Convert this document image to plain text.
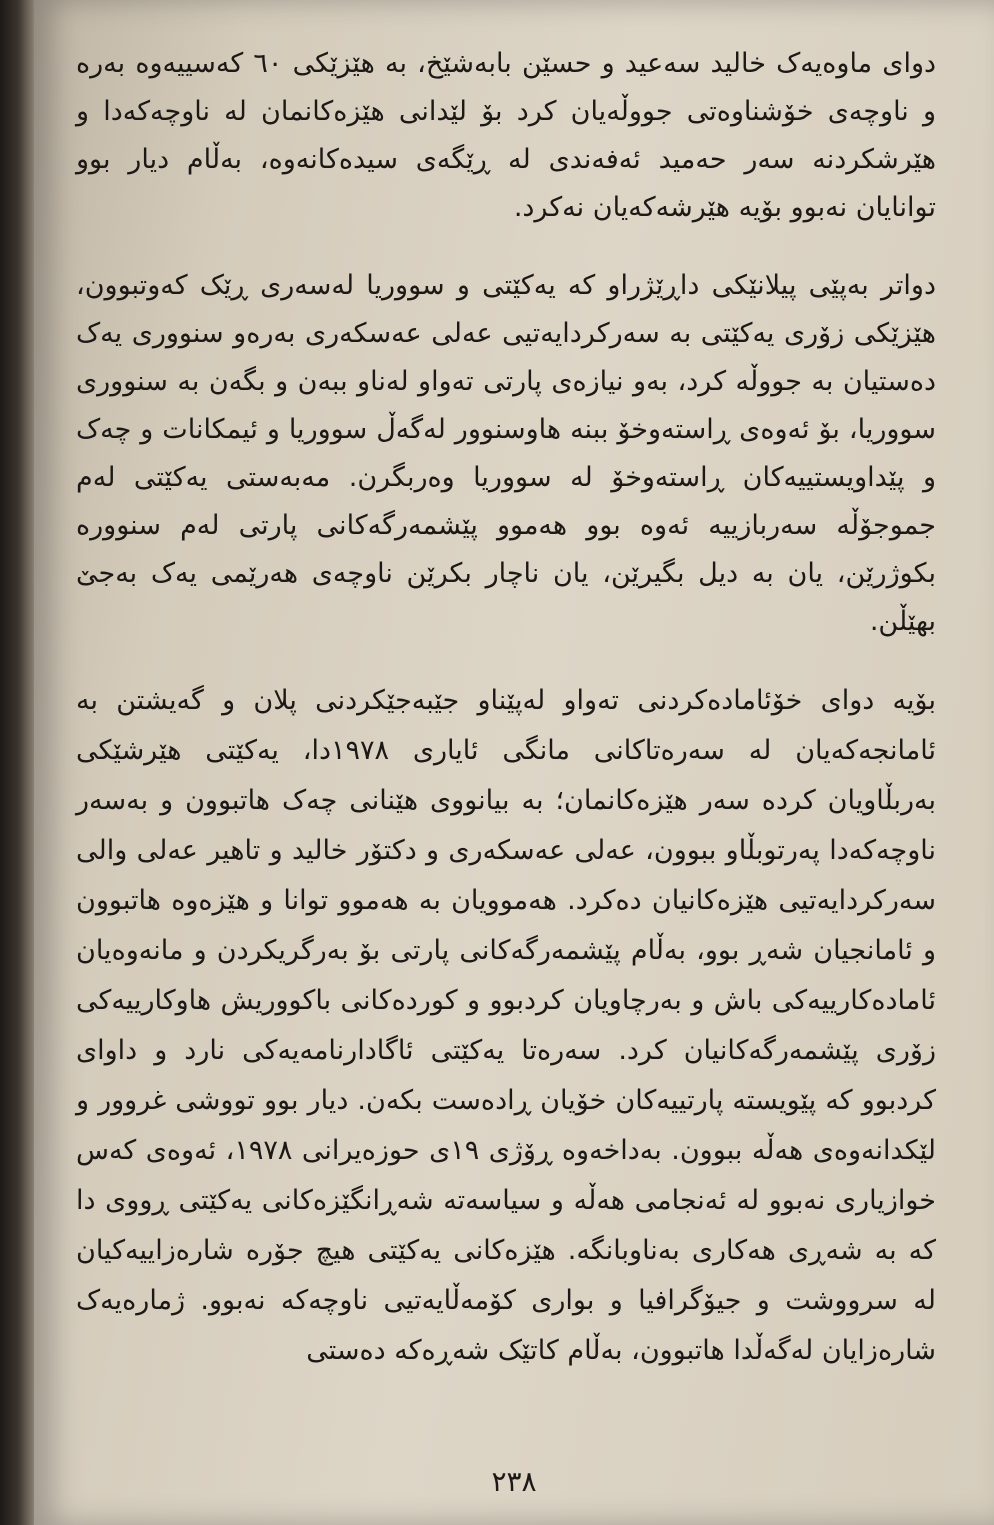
دوای ماوەیەک خالید سەعید و حسێن بابەشێخ، بە هێزێکی ٦٠ کەسییەوە بەرە و ناوچەی خۆشناوەتی جووڵەیان کرد بۆ لێدانی هێزەکانمان لە ناوچەکەدا و هێرشکردنە سەر حەمید ئەفەندی لە ڕێگەی سیدەکانەوە، بەڵام دیار بوو توانایان نەبوو بۆیە هێرشەکەیان نەکرد.

دواتر بەپێی پیلانێکی داڕێژراو کە یەکێتی و سووریا لەسەری ڕێک کەوتبوون، هێزێکی زۆری یەکێتی بە سەرکردایەتیی عەلی عەسکەری بەرەو سنووری یەک دەستیان بە جووڵە کرد، بەو نیازەی پارتی تەواو لەناو ببەن و بگەن بە سنووری سووریا، بۆ ئەوەی ڕاستەوخۆ ببنە هاوسنوور لەگەڵ سووریا و ئیمکانات و چەک و پێداویستییەکان ڕاستەوخۆ لە سووریا وەربگرن. مەبەستی یەکێتی لەم جموجۆڵە سەربازییە ئەوە بوو هەموو پێشمەرگەکانی پارتی لەم سنوورە بکوژرێن، یان بە دیل بگیرێن، یان ناچار بکرێن ناوچەی هەرێمی یەک بەجێ بهێڵن.

بۆیە دوای خۆئامادەکردنی تەواو لەپێناو جێبەجێکردنی پلان و گەیشتن بە ئامانجەکەیان لە سەرەتاکانی مانگی ئایاری ١٩٧٨دا، یەکێتی هێرشێکی بەربڵاویان کردە سەر هێزەکانمان؛ بە بیانووی هێنانی چەک هاتبوون و بەسەر ناوچەکەدا پەرتوبڵاو ببوون، عەلی عەسکەری و دکتۆر خالید و تاهیر عەلی والی سەرکردایەتیی هێزەکانیان دەکرد. هەموویان بە هەموو توانا و هێزەوە هاتبوون و ئامانجیان شەڕ بوو، بەڵام پێشمەرگەکانی پارتی بۆ بەرگریکردن و مانەوەیان ئامادەکارییەکی باش و بەرچاویان کردبوو و کوردەکانی باکووریش هاوکارییەکی زۆری پێشمەرگەکانیان کرد. سەرەتا یەکێتی ئاگادارنامەیەکی نارد و داوای کردبوو کە پێویستە پارتییەکان خۆیان ڕادەست بکەن. دیار بوو تووشی غروور و لێکدانەوەی هەڵە ببوون. بەداخەوە ڕۆژی ١٩ی حوزەیرانی ١٩٧٨، ئەوەی کەس خوازیاری نەبوو لە ئەنجامی هەڵە و سیاسەتە شەڕانگێزەکانی یەکێتی ڕووی دا کە بە شەڕی هەکاری بەناوبانگە. هێزەکانی یەکێتی هیچ جۆرە شارەزاییەکیان لە سرووشت و جیۆگرافیا و بواری کۆمەڵایەتیی ناوچەکە نەبوو. ژمارەیەک شارەزایان لەگەڵدا هاتبوون، بەڵام کاتێک شەڕەکە دەستی

٢٣٨
